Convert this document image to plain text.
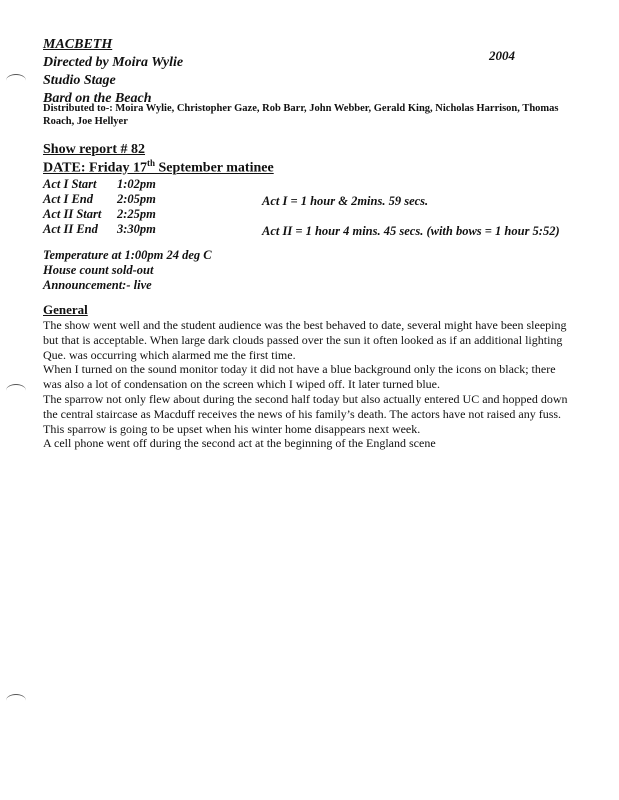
MACBETH
Directed by Moira Wylie
Studio Stage
Bard on the Beach
2004
Distributed to-: Moira Wylie, Christopher Gaze, Rob Barr, John Webber, Gerald King, Nicholas Harrison, Thomas Roach, Joe Hellyer
Show report # 82
DATE: Friday 17th September matinee
Act I Start	1:02pm
Act I End	2:05pm
Act II Start	2:25pm
Act II End	3:30pm
Act I = 1 hour & 2mins. 59 secs.
Act II = 1 hour 4 mins. 45 secs. (with bows = 1 hour 5:52)
Temperature at 1:00pm 24 deg C
House count sold-out
Announcement:- live
General

The show went well and the student audience was the best behaved to date, several might have been sleeping but that is acceptable. When large dark clouds passed over the sun it often looked as if an additional lighting Que. was occurring which alarmed me the first time.

When I turned on the sound monitor today it did not have a blue background only the icons on black; there was also a lot of condensation on the screen which I wiped off. It later turned blue.

The sparrow not only flew about during the second half today but also actually entered UC and hopped down the central staircase as Macduff receives the news of his family’s death. The actors have not raised any fuss. This sparrow is going to be upset when his winter home disappears next week.

A cell phone went off during the second act at the beginning of the England scene
